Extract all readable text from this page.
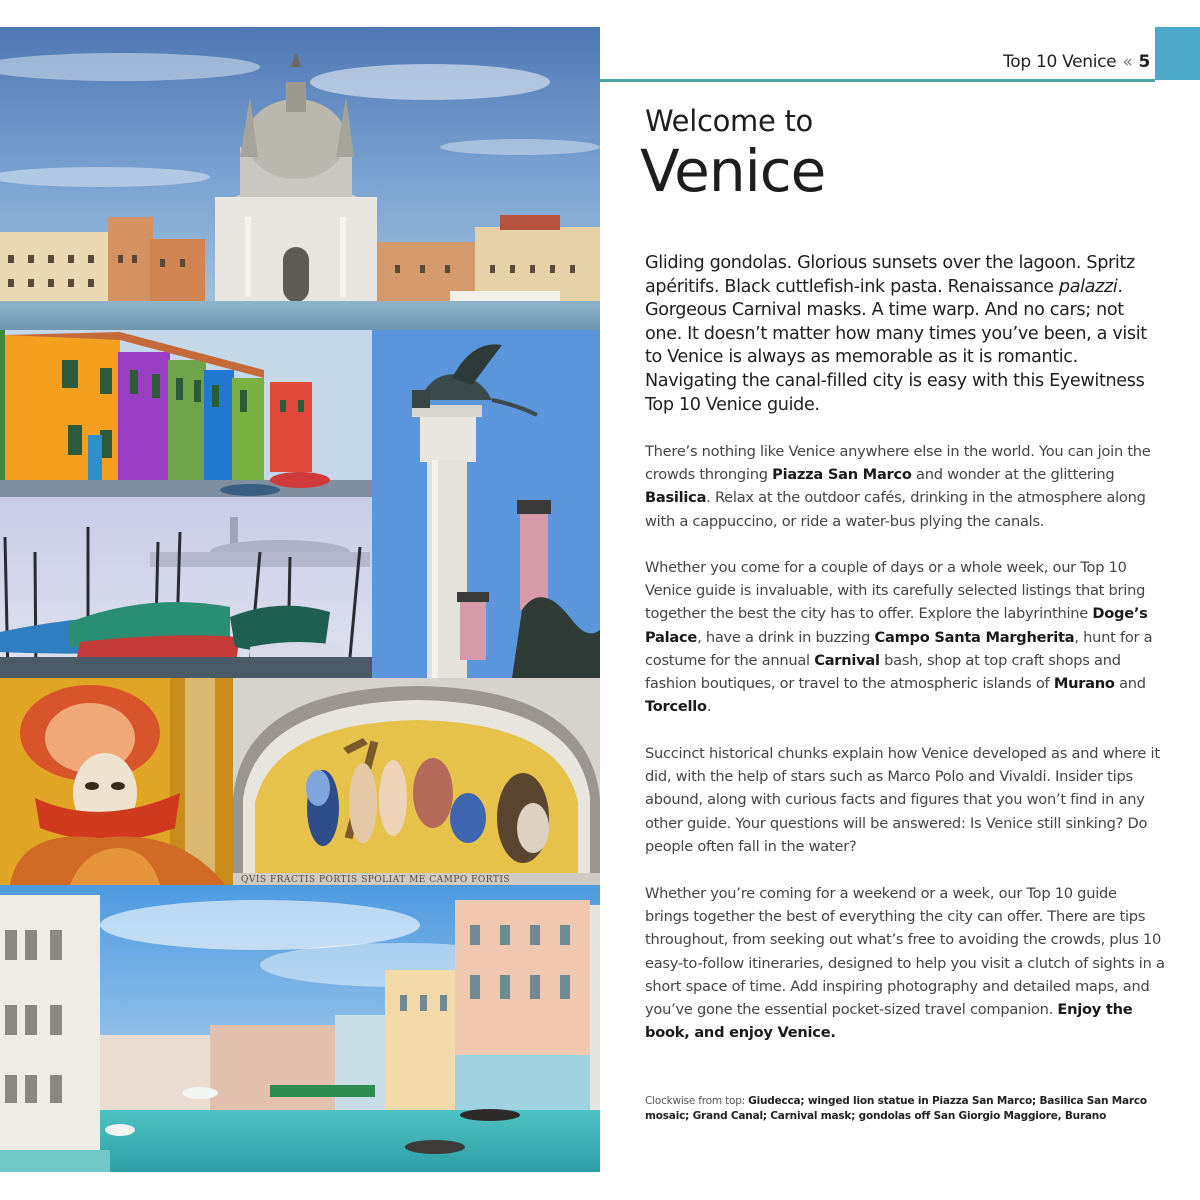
QVIS FRACTIS PORTIS SPOLIAT ME CAMPO FORTIS
Top 10 Venice « 5
Welcome to
Venice
Gliding gondolas. Glorious sunsets over the lagoon. Spritz apéritifs. Black cuttlefish-ink pasta. Renaissance palazzi. Gorgeous Carnival masks. A time warp. And no cars; not one. It doesn’t matter how many times you’ve been, a visit to Venice is always as memorable as it is romantic. Navigating the canal-filled city is easy with this Eyewitness Top 10 Venice guide.
There’s nothing like Venice anywhere else in the world. You can join the crowds thronging Piazza San Marco and wonder at the glittering Basilica. Relax at the outdoor cafés, drinking in the atmosphere along with a cappuccino, or ride a water-bus plying the canals.
Whether you come for a couple of days or a whole week, our Top 10 Venice guide is invaluable, with its carefully selected listings that bring together the best the city has to offer. Explore the labyrinthine Doge’s Palace, have a drink in buzzing Campo Santa Margherita, hunt for a costume for the annual Carnival bash, shop at top craft shops and fashion boutiques, or travel to the atmospheric islands of Murano and Torcello.
Succinct historical chunks explain how Venice developed as and where it did, with the help of stars such as Marco Polo and Vivaldi. Insider tips abound, along with curious facts and figures that you won’t find in any other guide. Your questions will be answered: Is Venice still sinking? Do people often fall in the water?
Whether you’re coming for a weekend or a week, our Top 10 guide brings together the best of everything the city can offer. There are tips throughout, from seeking out what’s free to avoiding the crowds, plus 10 easy-to-follow itineraries, designed to help you visit a clutch of sights in a short space of time. Add inspiring photography and detailed maps, and you’ve gone the essential pocket-sized travel companion. Enjoy the book, and enjoy Venice.
Clockwise from top: Giudecca; winged lion statue in Piazza San Marco; Basilica San Marco mosaic; Grand Canal; Carnival mask; gondolas off San Giorgio Maggiore, Burano
